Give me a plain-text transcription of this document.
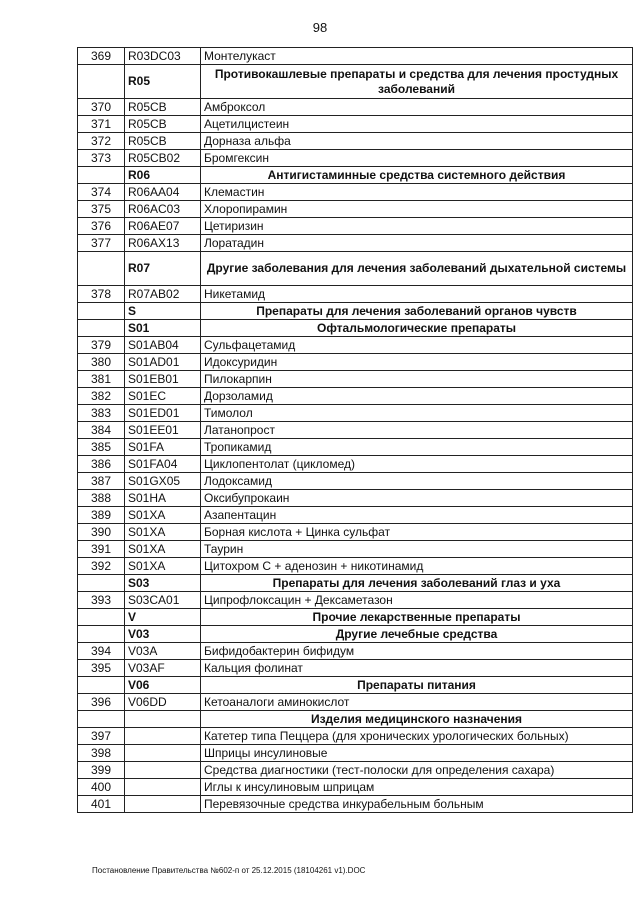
98
369	R03DC03	Монтелукаст
	R05	Противокашлевые препараты и средства для лечения простудных заболеваний
370	R05CB	Амброксол
371	R05CB	Ацетилцистеин
372	R05CB	Дорназа альфа
373	R05CB02	Бромгексин
	R06	Антигистаминные средства системного действия
374	R06AA04	Клемастин
375	R06AC03	Хлоропирамин
376	R06AE07	Цетиризин
377	R06AX13	Лоратадин
	R07	Другие заболевания для лечения заболеваний дыхательной системы
378	R07AB02	Никетамид
	S	Препараты для лечения заболеваний органов чувств
	S01	Офтальмологические препараты
379	S01AB04	Сульфацетамид
380	S01AD01	Идоксуридин
381	S01EB01	Пилокарпин
382	S01EC	Дорзоламид
383	S01ED01	Тимолол
384	S01EE01	Латанопрост
385	S01FA	Тропикамид
386	S01FA04	Циклопентолат (цикломед)
387	S01GX05	Лодоксамид
388	S01HA	Оксибупрокаин
389	S01XA	Азапентацин
390	S01XA	Борная кислота + Цинка сульфат
391	S01XA	Таурин
392	S01XA	Цитохром С + аденозин + никотинамид
	S03	Препараты для лечения заболеваний глаз и уха
393	S03CA01	Ципрофлоксацин + Дексаметазон
	V	Прочие лекарственные препараты
	V03	Другие лечебные средства
394	V03A	Бифидобактерин бифидум
395	V03AF	Кальция фолинат
	V06	Препараты питания
396	V06DD	Кетоаналоги аминокислот
		Изделия медицинского назначения
397		Катетер типа Пеццера (для хронических урологических больных)
398		Шприцы инсулиновые
399		Средства диагностики (тест-полоски для определения сахара)
400		Иглы к инсулиновым шприцам
401		Перевязочные средства инкурабельным больным
Постановление Правительства №602-п от 25.12.2015 (18104261 v1).DOC
